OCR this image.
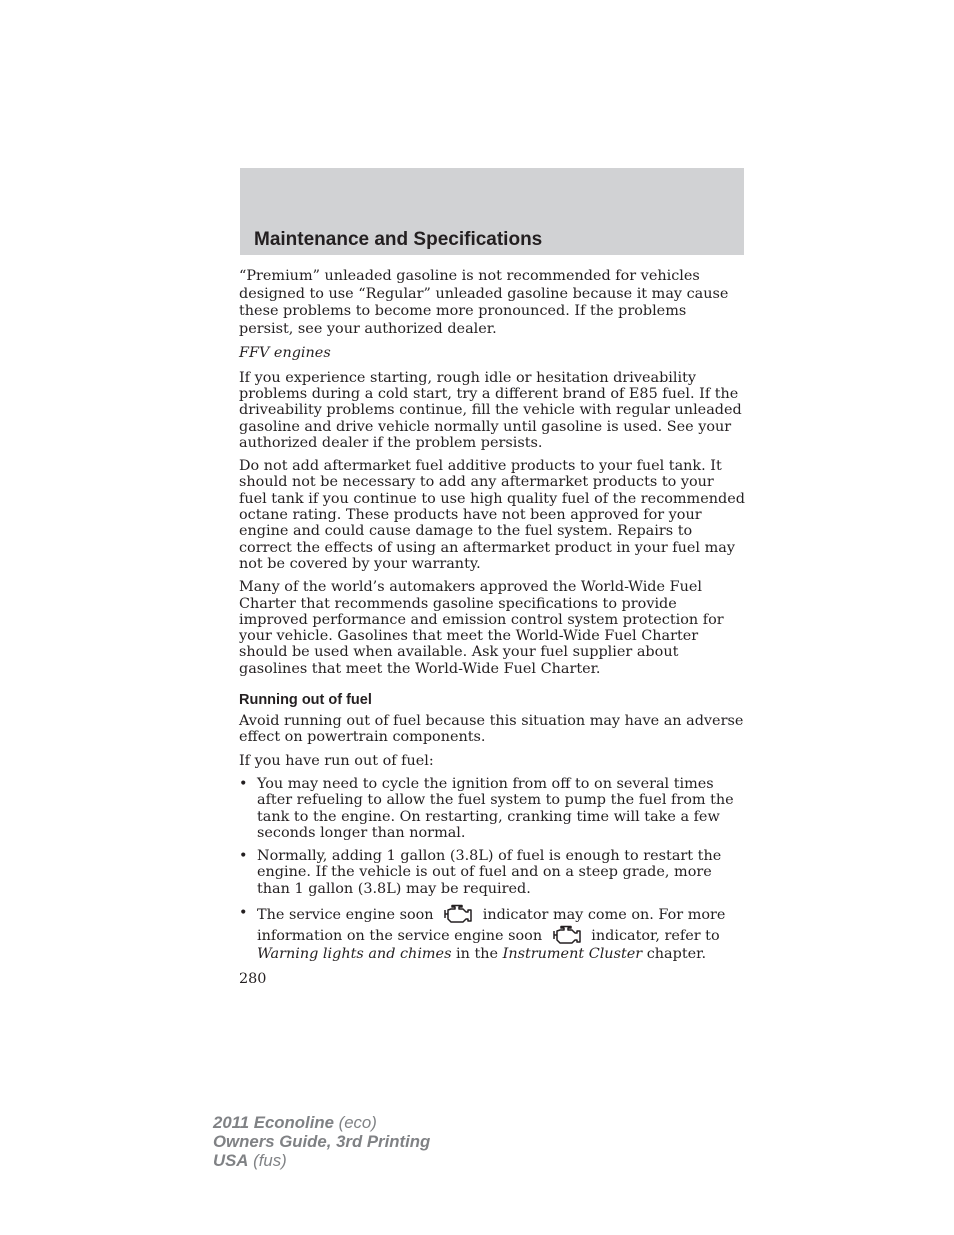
Maintenance and Specifications

“Premium” unleaded gasoline is not recommended for vehicles designed to use “Regular” unleaded gasoline because it may cause these problems to become more pronounced. If the problems persist, see your authorized dealer.

FFV engines

If you experience starting, rough idle or hesitation driveability problems during a cold start, try a different brand of E85 fuel. If the driveability problems continue, fill the vehicle with regular unleaded gasoline and drive vehicle normally until gasoline is used. See your authorized dealer if the problem persists.

Do not add aftermarket fuel additive products to your fuel tank. It should not be necessary to add any aftermarket products to your fuel tank if you continue to use high quality fuel of the recommended octane rating. These products have not been approved for your engine and could cause damage to the fuel system. Repairs to correct the effects of using an aftermarket product in your fuel may not be covered by your warranty.

Many of the world’s automakers approved the World-Wide Fuel Charter that recommends gasoline specifications to provide improved performance and emission control system protection for your vehicle. Gasolines that meet the World-Wide Fuel Charter should be used when available. Ask your fuel supplier about gasolines that meet the World-Wide Fuel Charter.

Running out of fuel

Avoid running out of fuel because this situation may have an adverse effect on powertrain components.

If you have run out of fuel:

• You may need to cycle the ignition from off to on several times after refueling to allow the fuel system to pump the fuel from the tank to the engine. On restarting, cranking time will take a few seconds longer than normal.
• Normally, adding 1 gallon (3.8L) of fuel is enough to restart the engine. If the vehicle is out of fuel and on a steep grade, more than 1 gallon (3.8L) may be required.
• The service engine soon	indicator may come on. For more information on the service engine soon	indicator, refer to Warning lights and chimes in the Instrument Cluster chapter.
280
2011 Econoline (eco)
Owners Guide, 3rd Printing
USA (fus)
